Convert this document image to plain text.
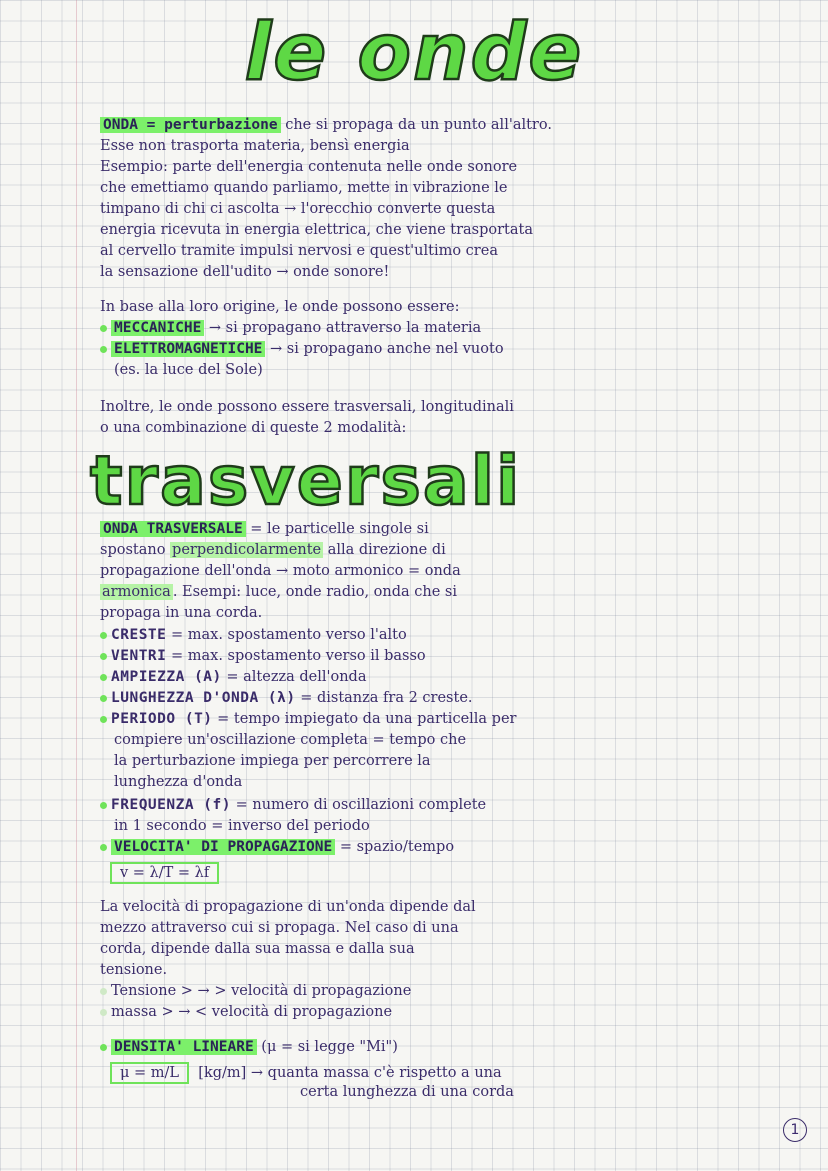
le onde
ONDA = perturbazione che si propaga da un punto all'altro.
Esse non trasporta materia, bensì energia
Esempio: parte dell'energia contenuta nelle onde sonore
che emettiamo quando parliamo, mette in vibrazione le
timpano di chi ci ascolta → l'orecchio converte questa
energia ricevuta in energia elettrica, che viene trasportata
al cervello tramite impulsi nervosi e quest'ultimo crea
la sensazione dell'udito → onde sonore!
In base alla loro origine, le onde possono essere:
MECCANICHE → si propagano attraverso la materia
ELETTROMAGNETICHE → si propagano anche nel vuoto
(es. la luce del Sole)
Inoltre, le onde possono essere trasversali, longitudinali
o una combinazione di queste 2 modalità:
trasversali
ONDA TRASVERSALE = le particelle singole si
spostano perpendicolarmente alla direzione di
propagazione dell'onda → moto armonico = onda
armonica . Esempi: luce, onde radio, onda che si
propaga in una corda.
CRESTE = max. spostamento verso l'alto
VENTRI = max. spostamento verso il basso
AMPIEZZA (A) = altezza dell'onda
LUNGHEZZA D'ONDA (λ) = distanza fra 2 creste.
PERIODO (T) = tempo impiegato da una particella per
compiere un'oscillazione completa = tempo che
la perturbazione impiega per percorrere la
lunghezza d'onda
FREQUENZA (f) = numero di oscillazioni complete
in 1 secondo = inverso del periodo
VELOCITA' DI PROPAGAZIONE = spazio/tempo
v = λ/T = λf
La velocità di propagazione di un'onda dipende dal
mezzo attraverso cui si propaga. Nel caso di una
corda, dipende dalla sua massa e dalla sua
tensione.
Tensione > → > velocità di propagazione
massa > → < velocità di propagazione
DENSITA' LINEARE (μ = si legge "Mi")
μ = m/L [kg/m] → quanta massa c'è rispetto a una
certa lunghezza di una corda
1
